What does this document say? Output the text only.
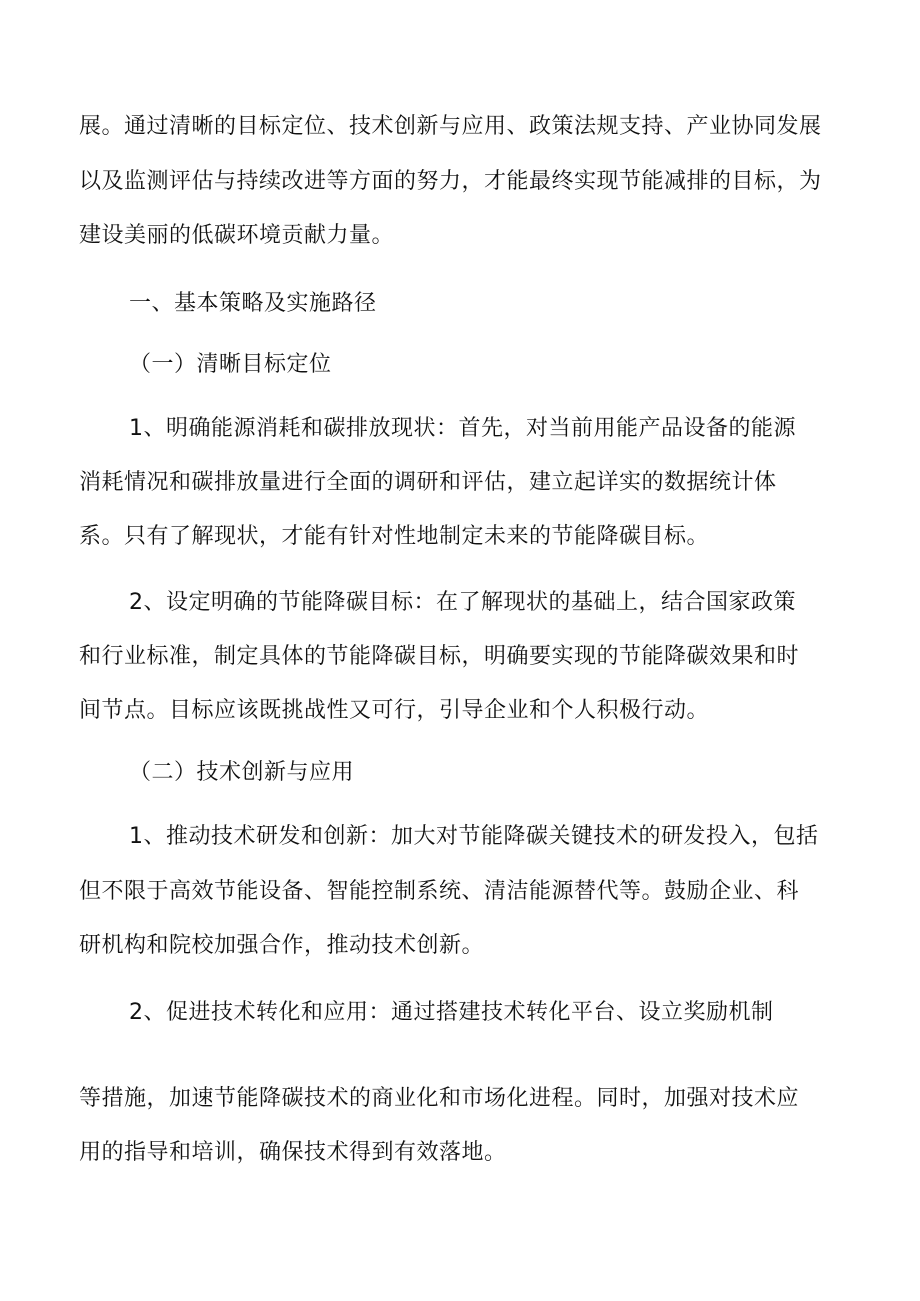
展。通过清晰的目标定位、技术创新与应用、政策法规支持、产业协同发展
以及监测评估与持续改进等方面的努力，才能最终实现节能减排的目标，为
建设美丽的低碳环境贡献力量。
一、基本策略及实施路径
（一）清晰目标定位
1、明确能源消耗和碳排放现状：首先，对当前用能产品设备的能源
消耗情况和碳排放量进行全面的调研和评估，建立起详实的数据统计体
系。只有了解现状，才能有针对性地制定未来的节能降碳目标。
2、设定明确的节能降碳目标：在了解现状的基础上，结合国家政策
和行业标准，制定具体的节能降碳目标，明确要实现的节能降碳效果和时
间节点。目标应该既挑战性又可行，引导企业和个人积极行动。
（二）技术创新与应用
1、推动技术研发和创新：加大对节能降碳关键技术的研发投入，包括
但不限于高效节能设备、智能控制系统、清洁能源替代等。鼓励企业、科
研机构和院校加强合作，推动技术创新。
2、促进技术转化和应用：通过搭建技术转化平台、设立奖励机制
等措施，加速节能降碳技术的商业化和市场化进程。同时，加强对技术应
用的指导和培训，确保技术得到有效落地。
